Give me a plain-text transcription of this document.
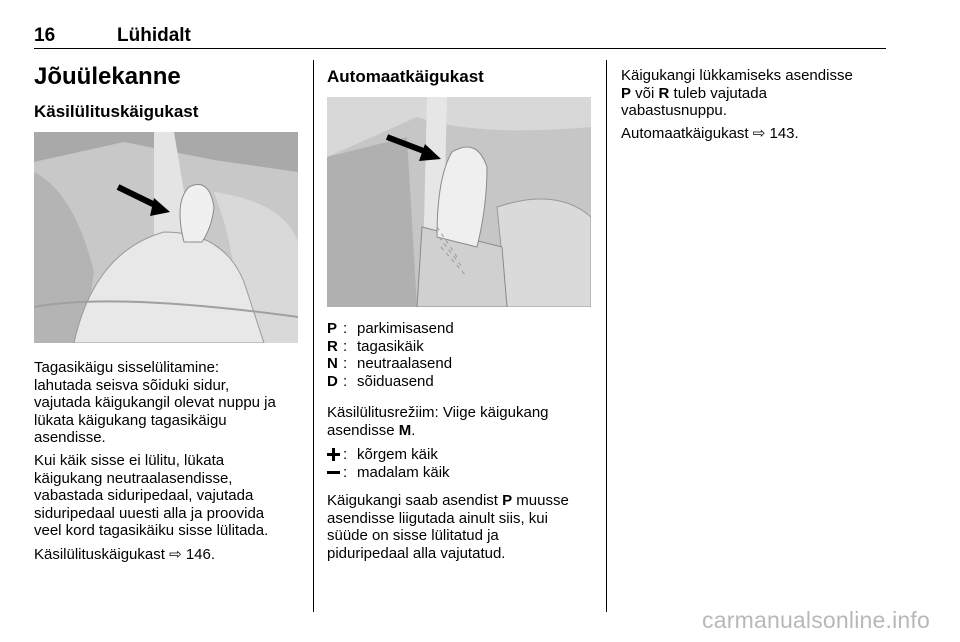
16	Lühidalt
Jõuülekanne
Käsilülituskäigukast

Tagasikäigu sisselülitamine:
lahutada seisva sõiduki sidur,
vajutada käigukangil olevat nuppu ja
lükata käigukang tagasikäigu
asendisse.

Kui käik sisse ei lülitu, lükata
käigukang neutraalasendisse,
vabastada siduripedaal, vajutada
siduripedaal uuesti alla ja proovida
veel kord tagasikäiku sisse lülitada.

Käsilülituskäigukast ⇨ 146.

Automaatkäigukast
P : parkimisasend
R : tagasikäik
N : neutraalasend
D : sõiduasend

Käsilülitusrežiim: Viige käigukang
asendisse M.

: kõrgem käik
: madalam käik

Käigukangi saab asendist P muusse
asendisse liigutada ainult siis, kui
süüde on sisse lülitatud ja
piduripedaal alla vajutatud.

Käigukangi lükkamiseks asendisse
P või R tuleb vajutada
vabastusnuppu.

Automaatkäigukast ⇨ 143.

carmanualsonline.info
